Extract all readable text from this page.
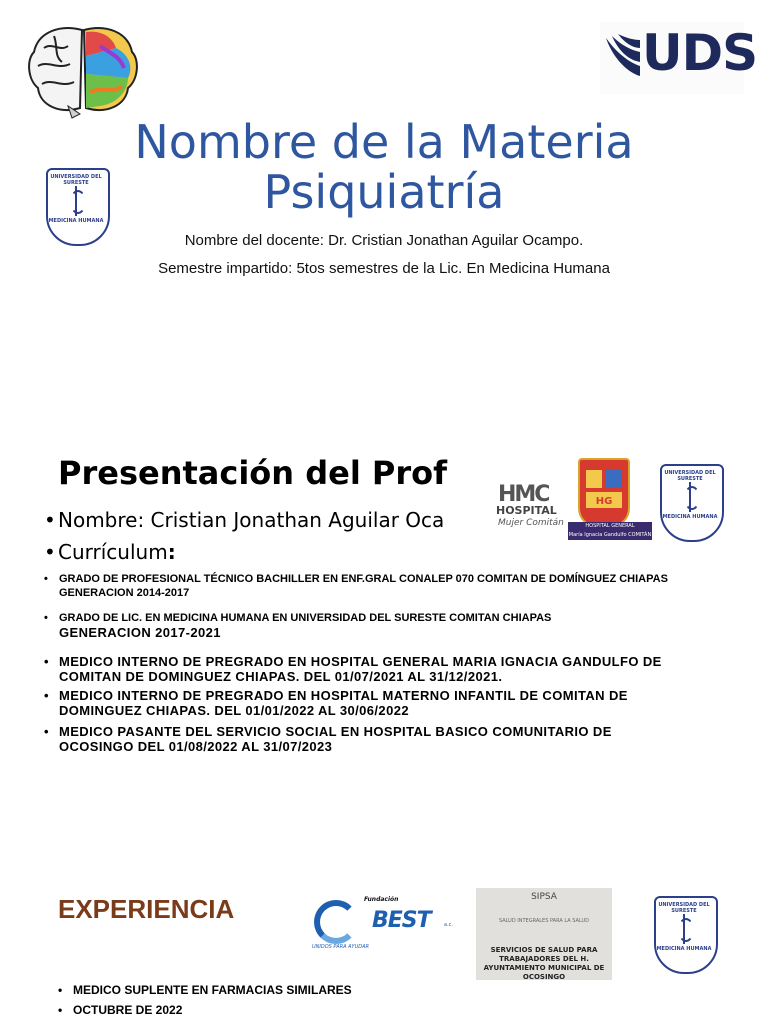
UDS
Nombre de la Materia
Psiquiatría
UNIVERSIDAD DEL SURESTE
MEDICINA HUMANA
Nombre del docente: Dr. Cristian Jonathan Aguilar Ocampo.
Semestre impartido: 5tos semestres de la Lic. En Medicina Humana
Presentación del Prof
HMC
HOSPITAL
Mujer Comitán
HG
HOSPITAL GENERAL
María Ignacia Gandulfo COMITÁN
UNIVERSIDAD DEL SURESTE
MEDICINA HUMANA
• Nombre: Cristian Jonathan Aguilar Oca
• Currículum:
• GRADO DE PROFESIONAL TÉCNICO BACHILLER EN ENF.GRAL CONALEP 070 COMITAN DE DOMÍNGUEZ CHIAPAS GENERACION 2014-2017
• GRADO DE LIC. EN MEDICINA HUMANA EN UNIVERSIDAD DEL SURESTE COMITAN CHIAPAS
GENERACION 2017-2021
• MEDICO INTERNO DE PREGRADO EN HOSPITAL GENERAL MARIA IGNACIA GANDULFO DE COMITAN DE DOMINGUEZ CHIAPAS. DEL 01/07/2021 AL 31/12/2021.
• MEDICO INTERNO DE PREGRADO EN HOSPITAL MATERNO INFANTIL DE COMITAN DE DOMINGUEZ CHIAPAS. DEL 01/01/2022 AL 30/06/2022
• MEDICO PASANTE DEL SERVICIO SOCIAL EN HOSPITAL BASICO COMUNITARIO DE OCOSINGO DEL 01/08/2022 AL 31/07/2023
EXPERIENCIA	Fundación
BEST	a.c.
UNIDOS PARA AYUDAR
SIPSA
SALUD INTEGRALES PARA LA SALUD
SERVICIOS DE SALUD PARA TRABAJADORES DEL H. AYUNTAMIENTO MUNICIPAL DE OCOSINGO
UNIVERSIDAD DEL SURESTE
MEDICINA HUMANA
• MEDICO SUPLENTE EN FARMACIAS SIMILARES
• OCTUBRE DE 2022
